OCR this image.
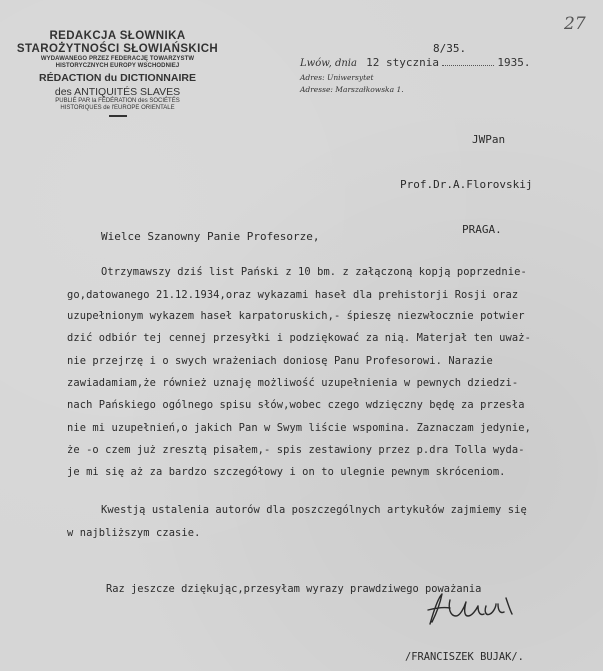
REDAKCJA SŁOWNIKA
STAROŻYTNOŚCI SŁOWIAŃSKICH
WYDAWANEGO PRZEZ FEDERACJĘ TOWARZYSTW
HISTORYCZNYCH EUROPY WSCHODNIEJ
RÉDACTION du DICTIONNAIRE
des ANTIQUITÉS SLAVES
PUBLIÉ PAR la FÉDÉRATION des SOCIÉTÉS
HISTORIQUES de l'EUROPE ORIENTALE
27
8/35.
Lwów, dnia 12 stycznia	1935.
Adres: Uniwersytet
Adresse: Marszałkowska 1.

JWPan

Prof.Dr.A.Florovskij

PRAGA.

Wielce Szanowny Panie Profesorze,
Otrzymawszy dziś list Pański z 10 bm. z załączoną kopją poprzednie-
go,datowanego 21.12.1934,oraz wykazami haseł dla prehistorji Rosji oraz
uzupełnionym wykazem haseł karpatoruskich,- śpieszę niezwłocznie potwier
dzić odbiór tej cennej przesyłki i podziękować za nią. Materjał ten uważ-
nie przejrzę i o swych wrażeniach doniosę Panu Profesorowi. Narazie
zawiadamiam,że również uznaję możliwość uzupełnienia w pewnych dziedzi-
nach Pańskiego ogólnego spisu słów,wobec czego wdzięczny będę za przesła
nie mi uzupełnień,o jakich Pan w Swym liście wspomina. Zaznaczam jedynie,
że -o czem już zresztą pisałem,- spis zestawiony przez p.dra Tolla wyda-
je mi się aż za bardzo szczegółowy i on to ulegnie pewnym skróceniom.
Kwestją ustalenia autorów dla poszczególnych artykułów zajmiemy się
w najbliższym czasie.
Raz jeszcze dziękując,przesyłam wyrazy prawdziwego poważania
/FRANCISZEK BUJAK/.
